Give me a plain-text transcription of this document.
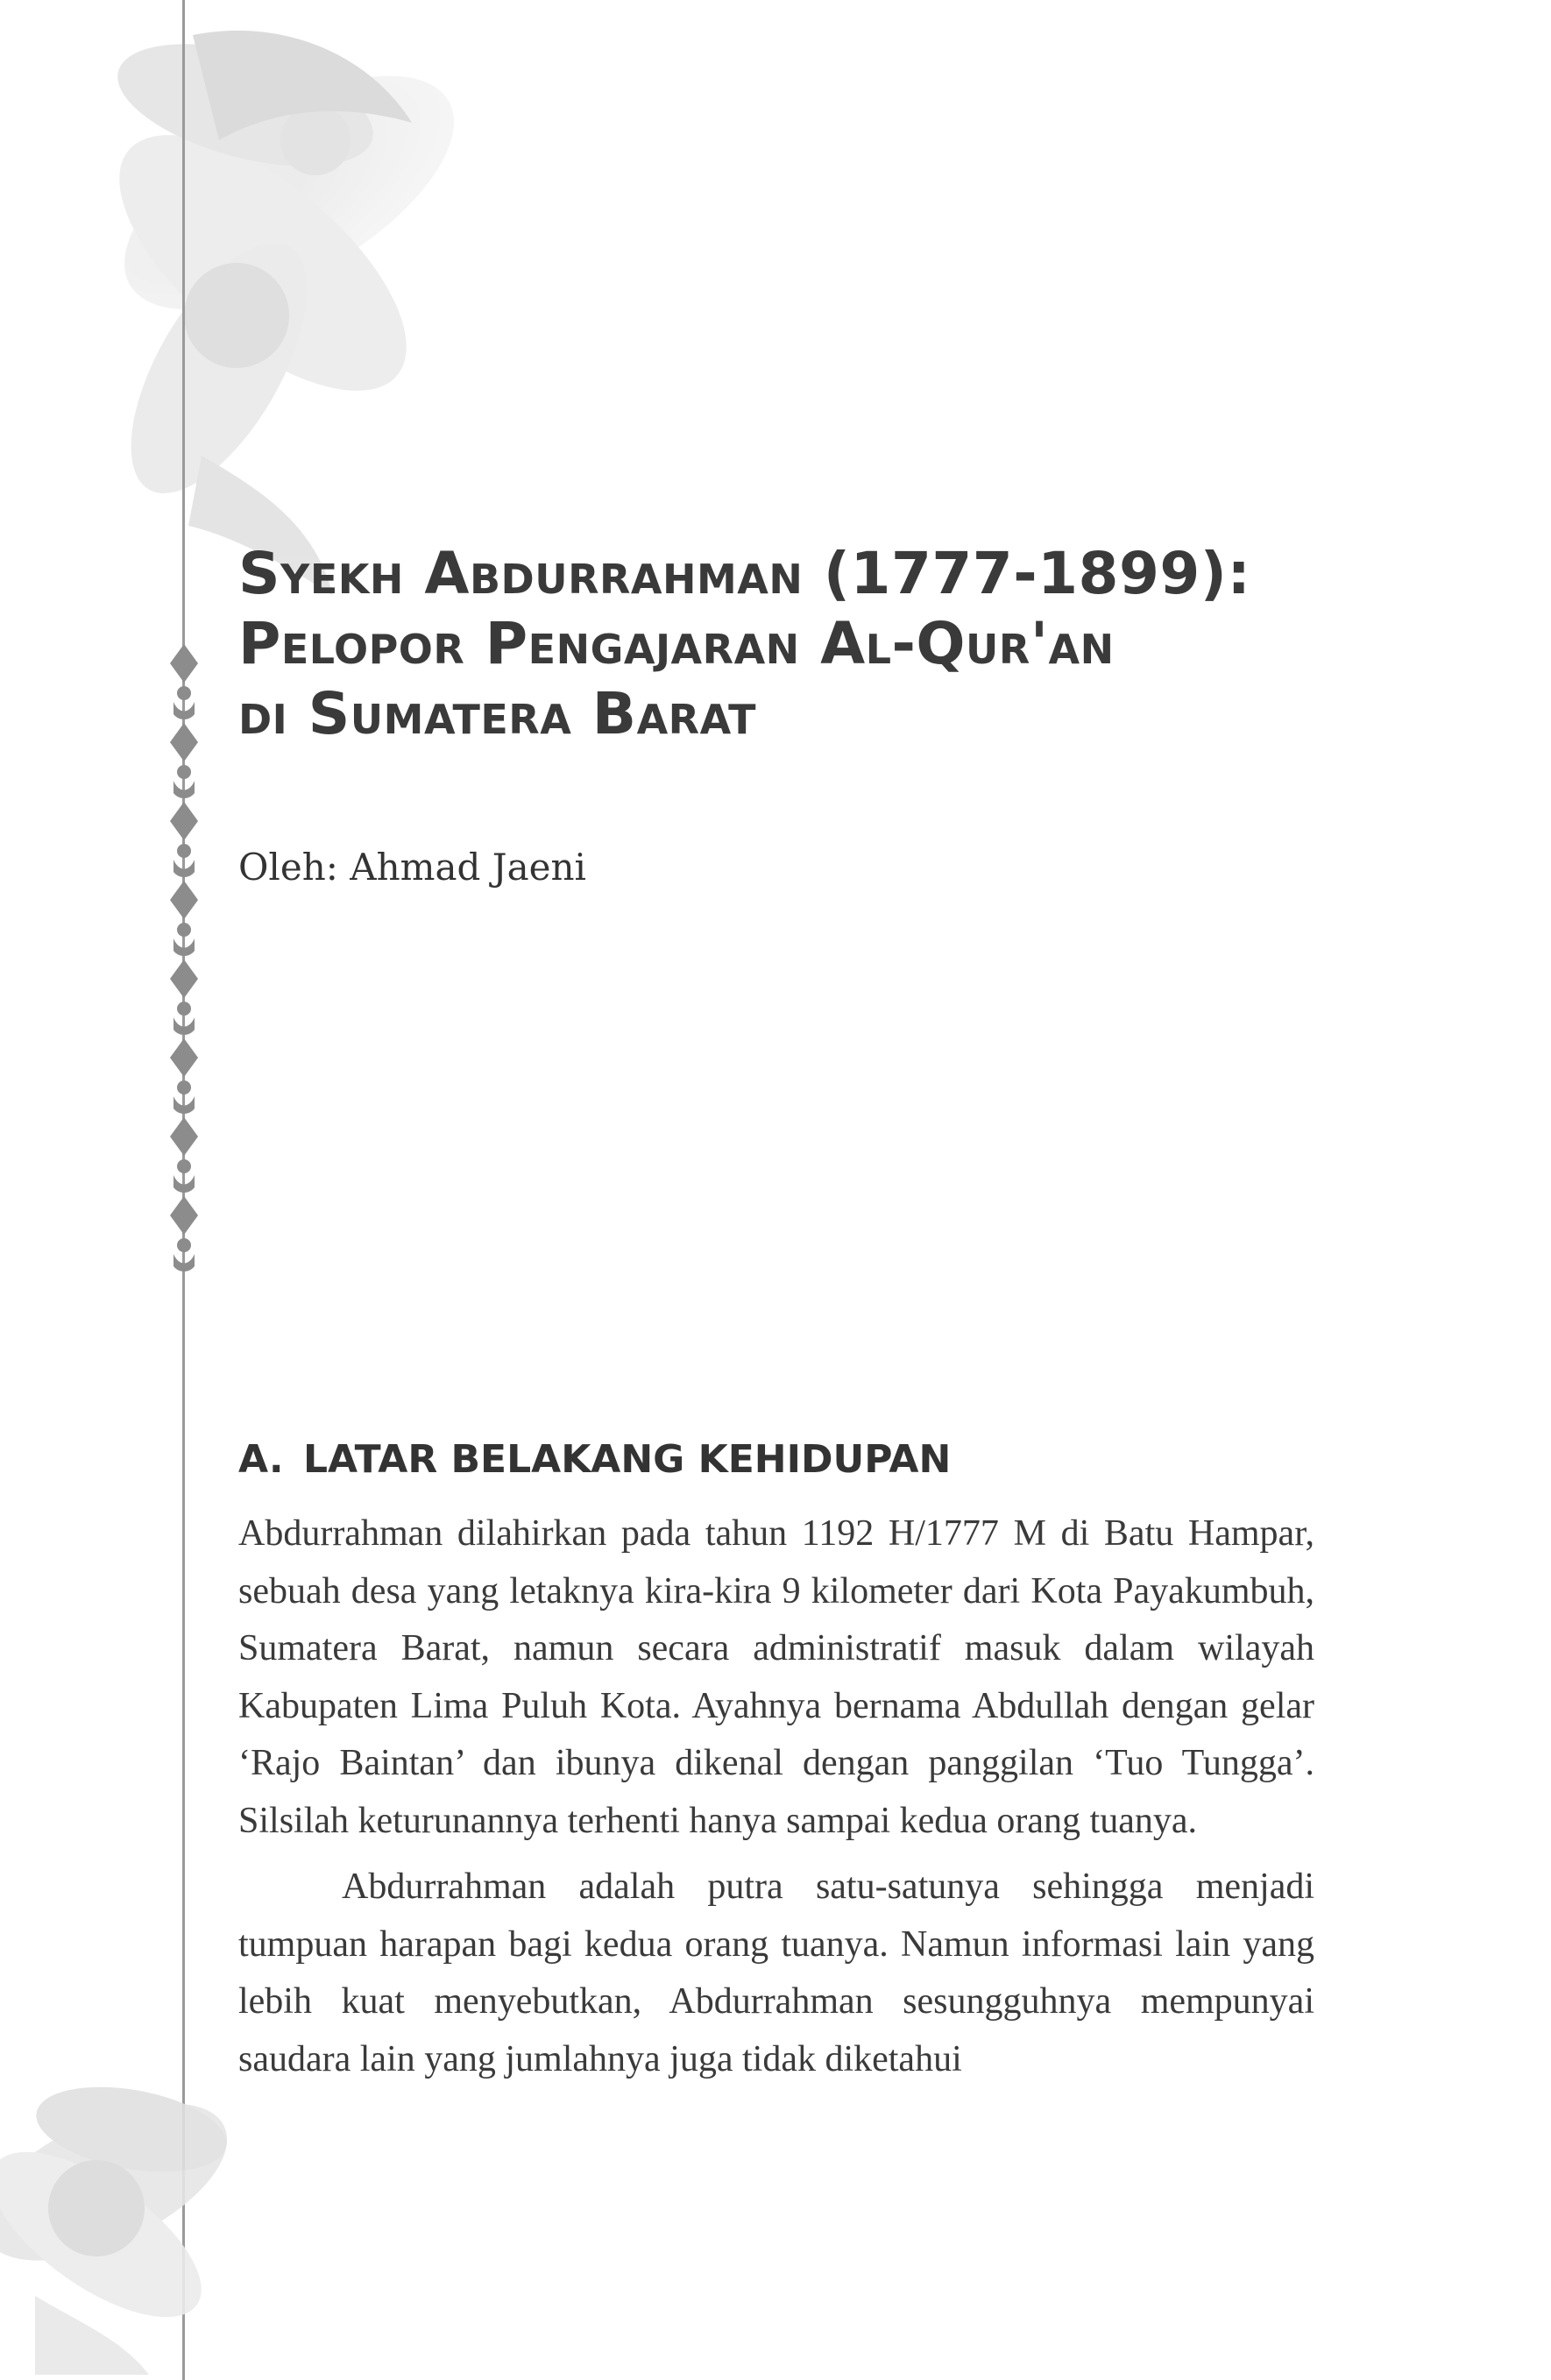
Syekh Abdurrahman (1777-1899):
Pelopor Pengajaran Al-Qur'an
di Sumatera Barat
Oleh: Ahmad Jaeni
A. LATAR BELAKANG KEHIDUPAN

Abdurrahman dilahirkan pada tahun 1192 H/1777 M di Batu Hampar, sebuah desa yang letaknya kira-kira 9 kilometer dari Kota Payakumbuh, Sumatera Barat, namun secara administratif masuk dalam wilayah Kabupaten Lima Puluh Kota. Ayahnya bernama Abdullah dengan gelar ‘Rajo Baintan’ dan ibunya dikenal dengan panggilan ‘Tuo Tungga’. Silsilah keturunannya terhenti hanya sampai kedua orang tuanya.

Abdurrahman adalah putra satu-satunya sehingga menjadi tumpuan harapan bagi kedua orang tuanya. Namun informasi lain yang lebih kuat menyebutkan, Abdurrahman sesungguhnya mempunyai saudara lain yang jumlahnya juga tidak diketahui
